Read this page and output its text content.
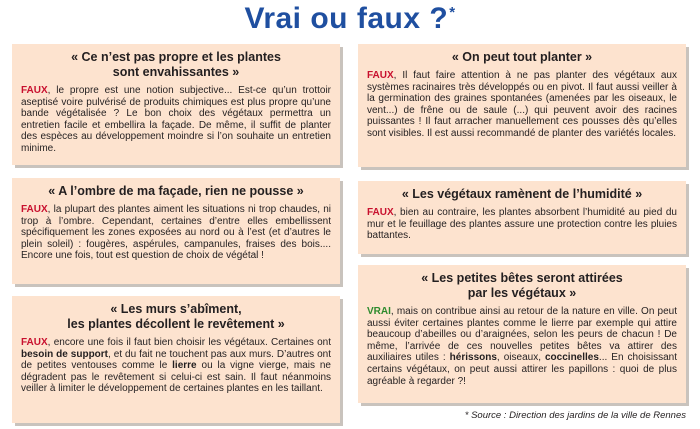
Vrai ou faux ?*
« Ce n’est pas propre et les plantes
sont envahissantes »

FAUX, le propre est une notion subjective... Est-ce qu’un trottoir aseptisé voire pulvérisé de produits chimiques est plus propre qu’une bande végétalisée ? Le bon choix des végétaux permettra un entretien facile et embellira la façade. De même, il suffit de planter des espèces au développement moindre si l’on souhaite un entretien minime.

« A l’ombre de ma façade, rien ne pousse »

FAUX, la plupart des plantes aiment les situations ni trop chaudes, ni trop à l’ombre. Cependant, certaines d’entre elles embellissent spécifiquement les zones exposées au nord ou à l’est (et d’autres le plein soleil) : fougères, aspérules, campanules, fraises des bois.... Encore une fois, tout est question de choix de végétal !

« Les murs s’abîment,
les plantes décollent le revêtement »

FAUX, encore une fois il faut bien choisir les végétaux. Certaines ont besoin de support, et du fait ne touchent pas aux murs. D’autres ont de petites ventouses comme le lierre ou la vigne vierge, mais ne dégradent pas le revêtement si celui-ci est sain. Il faut néanmoins veiller à limiter le développement de certaines plantes en les taillant.

« On peut tout planter »

FAUX, Il faut faire attention à ne pas planter des végétaux aux systèmes racinaires très développés ou en pivot. Il faut aussi veiller à la germination des graines spontanées (amenées par les oiseaux, le vent...) de frêne ou de saule (...) qui peuvent avoir des racines puissantes ! Il faut arracher manuellement ces pousses dès qu’elles sont visibles. Il est aussi recommandé de planter des variétés locales.

« Les végétaux ramènent de l’humidité »

FAUX, bien au contraire, les plantes absorbent l’humidité au pied du mur et le feuillage des plantes assure une protection contre les pluies battantes.

« Les petites bêtes seront attirées
par les végétaux »

VRAI, mais on contribue ainsi au retour de la nature en ville. On peut aussi éviter certaines plantes comme le lierre par exemple qui attire beaucoup d’abeilles ou d’araignées, selon les peurs de chacun ! De même, l’arrivée de ces nouvelles petites bêtes va attirer des auxiliaires utiles : hérissons, oiseaux, coccinelles... En choisissant certains végétaux, on peut aussi attirer les papillons : quoi de plus agréable à regarder ?!

* Source : Direction des jardins de la ville de Rennes
